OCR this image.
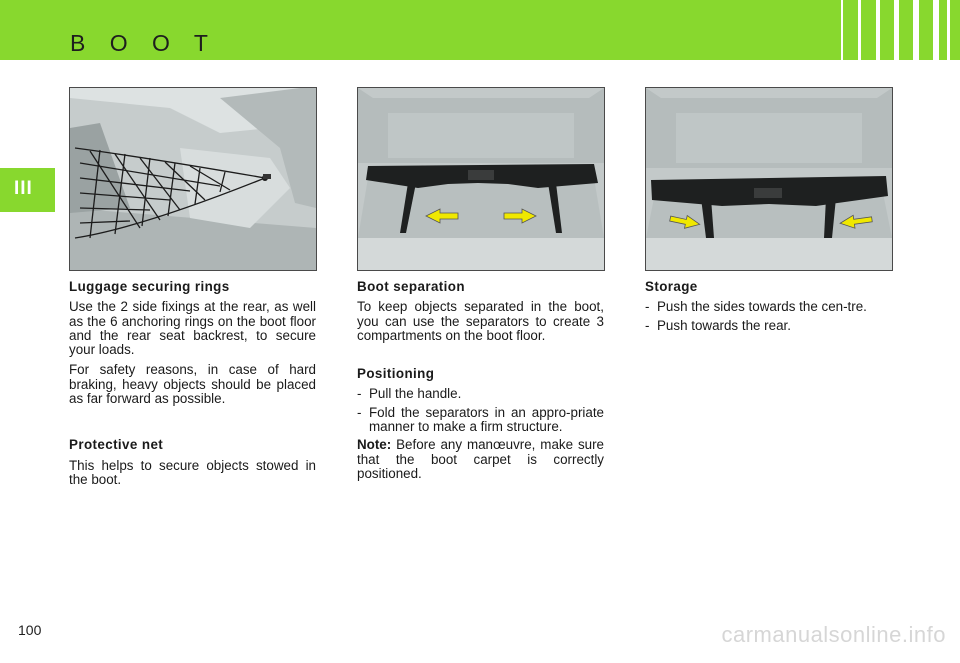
B O O T
III
Luggage securing rings

Use the 2 side fixings at the rear, as well as the 6 anchoring rings on the boot floor and the rear seat backrest, to secure your loads.

For safety reasons, in case of hard braking, heavy objects should be placed as far forward as possible.

Protective net

This helps to secure objects stowed in the boot.

Boot separation

To keep objects separated in the boot, you can use the separators to create 3 compartments on the boot floor.

Positioning
- Pull the handle.
- Fold the separators in an appro-priate manner to make a firm structure.

Note: Before any manœuvre, make sure that the boot carpet is correctly positioned.

Storage
- Push the sides towards the cen-tre.
- Push towards the rear.
100	carmanualsonline.info
